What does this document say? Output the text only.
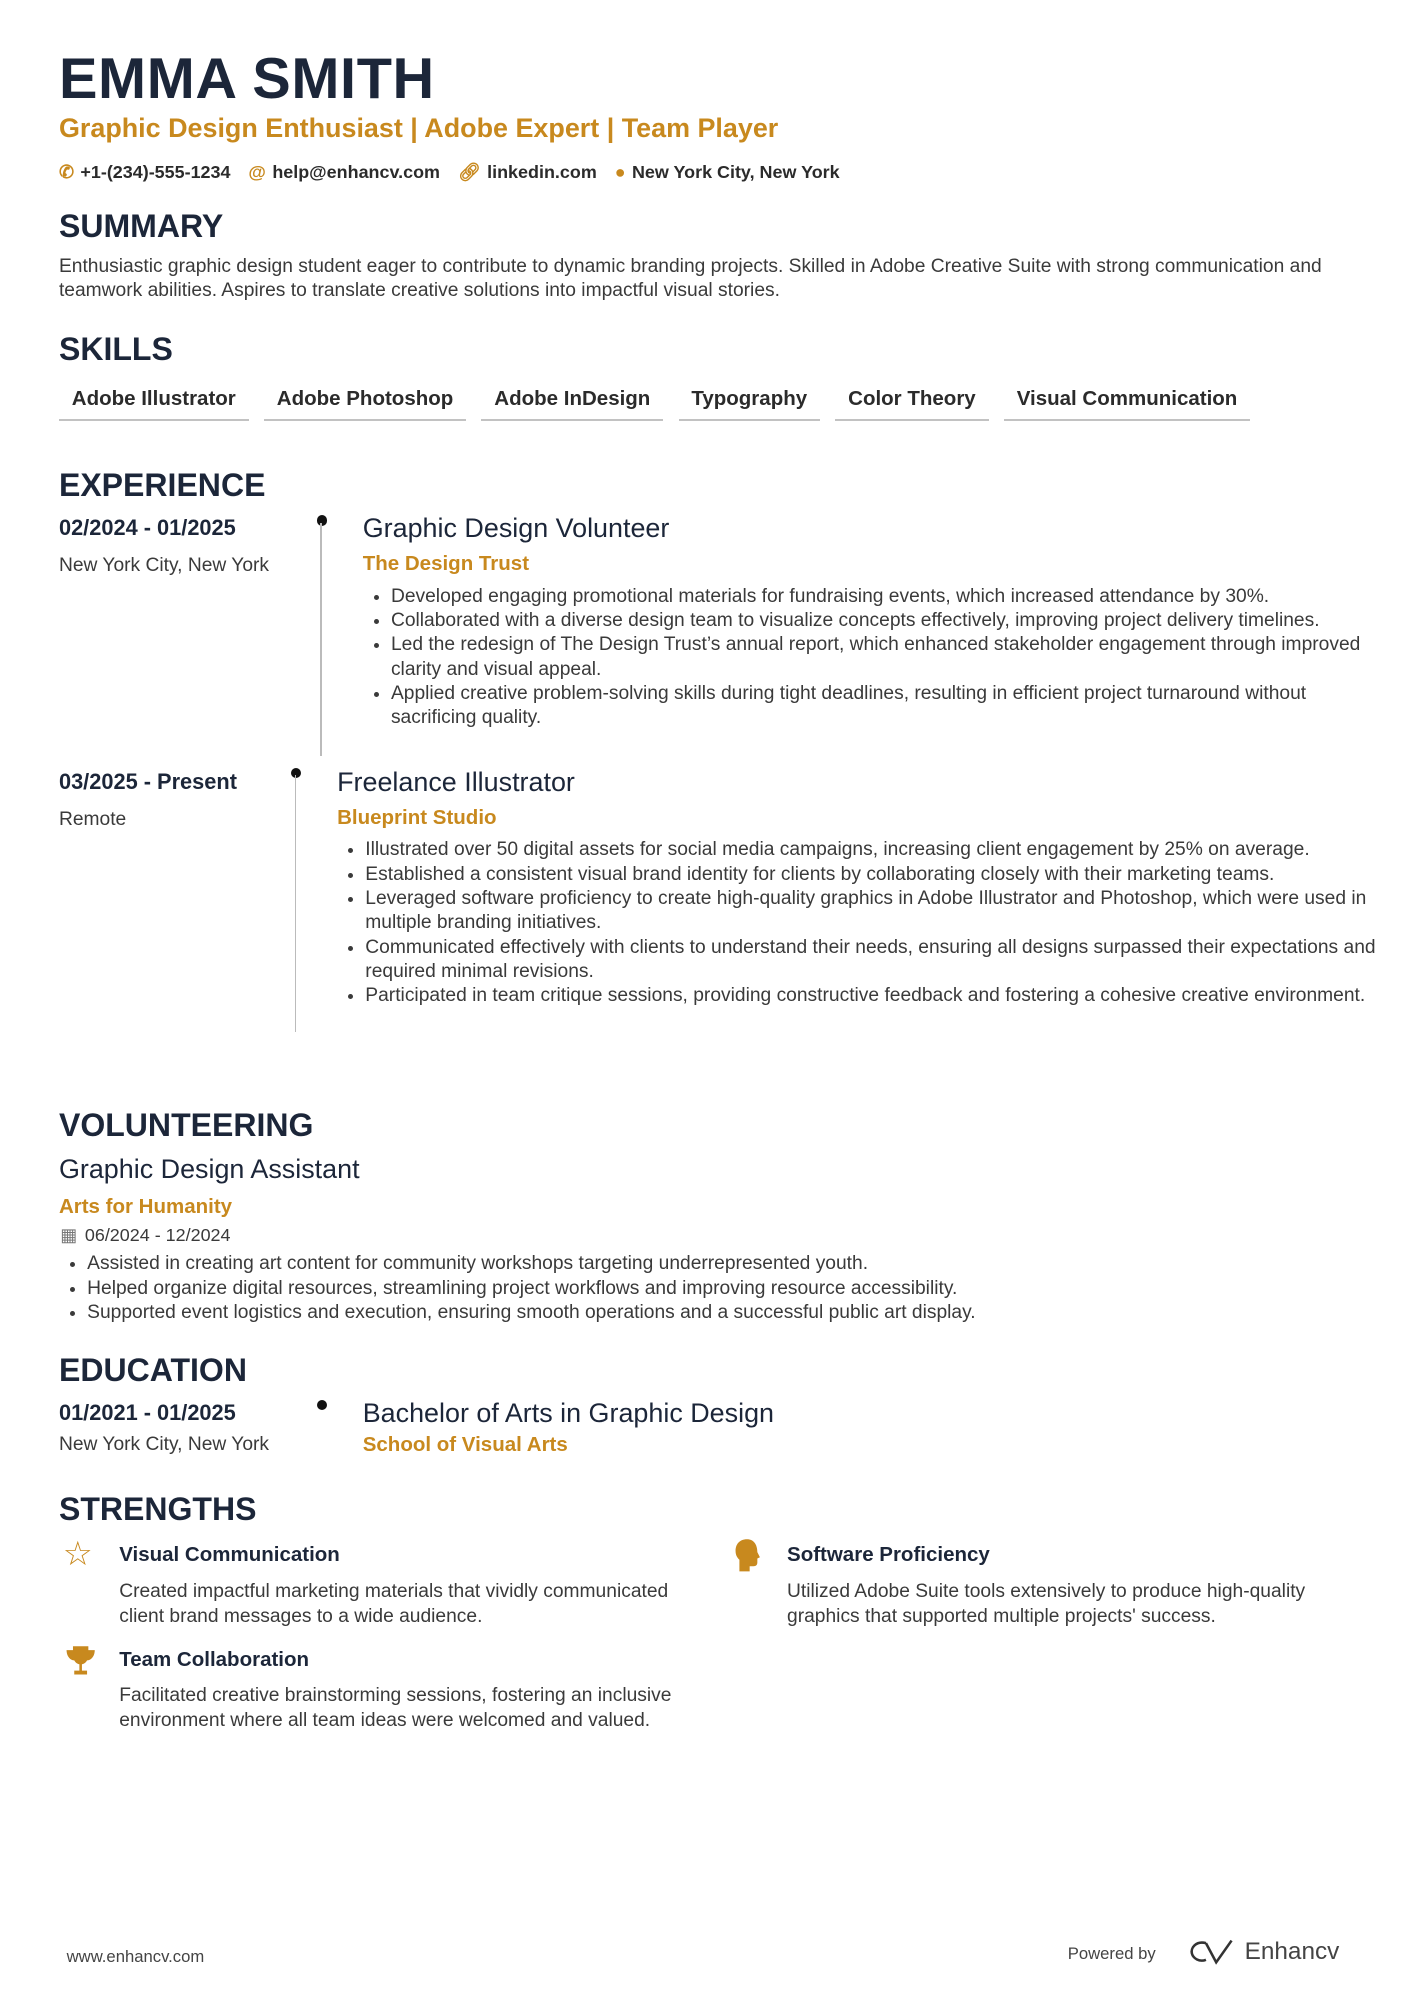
EMMA SMITH
Graphic Design Enthusiast | Adobe Expert | Team Player
✆ +1-(234)-555-1234 @ help@enhancv.com 🔗︎ linkedin.com ● New York City, New York
SUMMARY
Enthusiastic graphic design student eager to contribute to dynamic branding projects. Skilled in Adobe Creative Suite with strong communication and teamwork abilities. Aspires to translate creative solutions into impactful visual stories.
SKILLS
Adobe Illustrator	Adobe Photoshop	Adobe InDesign	Typography	Color Theory	Visual Communication
EXPERIENCE
02/2024 - 01/2025
New York City, New York
Graphic Design Volunteer
The Design Trust
• Developed engaging promotional materials for fundraising events, which increased attendance by 30%.
• Collaborated with a diverse design team to visualize concepts effectively, improving project delivery timelines.
• Led the redesign of The Design Trust’s annual report, which enhanced stakeholder engagement through improved clarity and visual appeal.
• Applied creative problem-solving skills during tight deadlines, resulting in efficient project turnaround without sacrificing quality.
03/2025 - Present
Remote
Freelance Illustrator
Blueprint Studio
• Illustrated over 50 digital assets for social media campaigns, increasing client engagement by 25% on average.
• Established a consistent visual brand identity for clients by collaborating closely with their marketing teams.
• Leveraged software proficiency to create high-quality graphics in Adobe Illustrator and Photoshop, which were used in multiple branding initiatives.
• Communicated effectively with clients to understand their needs, ensuring all designs surpassed their expectations and required minimal revisions.
• Participated in team critique sessions, providing constructive feedback and fostering a cohesive creative environment.
VOLUNTEERING
Graphic Design Assistant
Arts for Humanity
▦ 06/2024 - 12/2024
• Assisted in creating art content for community workshops targeting underrepresented youth.
• Helped organize digital resources, streamlining project workflows and improving resource accessibility.
• Supported event logistics and execution, ensuring smooth operations and a successful public art display.
EDUCATION
01/2021 - 01/2025
New York City, New York
Bachelor of Arts in Graphic Design
School of Visual Arts
STRENGTHS
☆ Visual Communication
Created impactful marketing materials that vividly communicated client brand messages to a wide audience.
Software Proficiency
Utilized Adobe Suite tools extensively to produce high-quality graphics that supported multiple projects' success.
Team Collaboration
Facilitated creative brainstorming sessions, fostering an inclusive environment where all team ideas were welcomed and valued.
www.enhancv.com	Powered by	Enhancv
